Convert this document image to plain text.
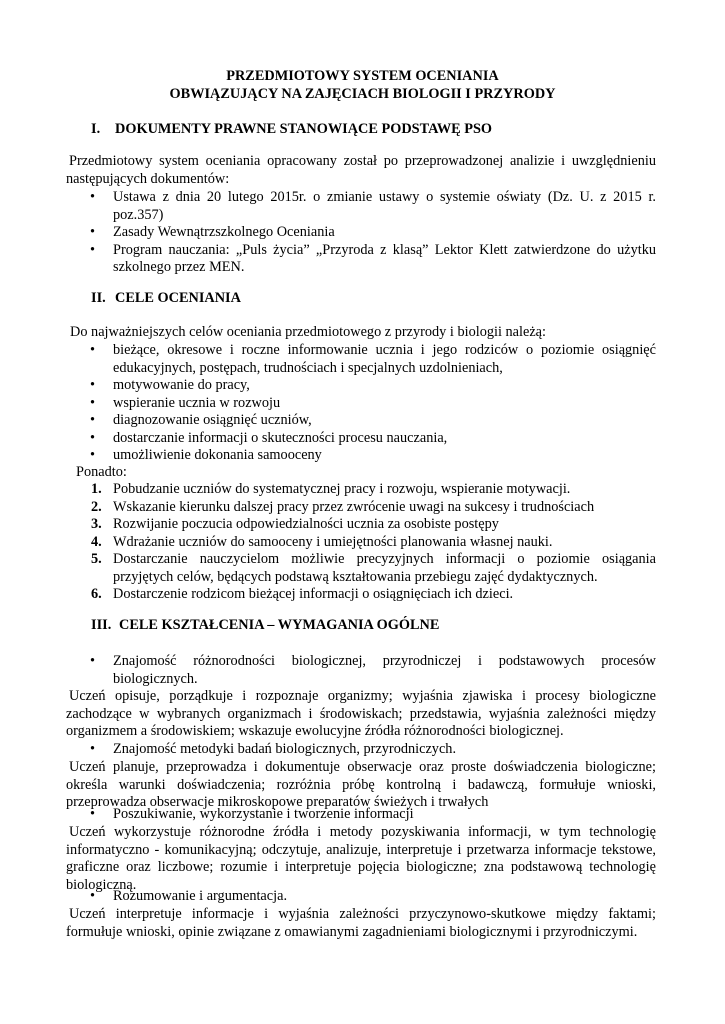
PRZEDMIOTOWY SYSTEM OCENIANIA
OBWIĄZUJĄCY NA ZAJĘCIACH BIOLOGII I PRZYRODY
I. DOKUMENTY PRAWNE STANOWIĄCE PODSTAWĘ PSO
Przedmiotowy system oceniania opracowany został po przeprowadzonej analizie i uwzględnieniu następujących dokumentów:
• Ustawa z dnia 20 lutego 2015r. o zmianie ustawy o systemie oświaty (Dz. U. z 2015 r. poz.357)
• Zasady Wewnątrzszkolnego Oceniania
• Program nauczania: „Puls życia” „Przyroda z klasą” Lektor Klett zatwierdzone do użytku szkolnego przez MEN.
II. CELE OCENIANIA
Do najważniejszych celów oceniania przedmiotowego z przyrody i biologii należą:
• bieżące, okresowe i roczne informowanie ucznia i jego rodziców o poziomie osiągnięć edukacyjnych, postępach, trudnościach i specjalnych uzdolnieniach,
• motywowanie do pracy,
• wspieranie ucznia w rozwoju
• diagnozowanie osiągnięć uczniów,
• dostarczanie informacji o skuteczności procesu nauczania,
• umożliwienie dokonania samooceny
Ponadto:
1. Pobudzanie uczniów do systematycznej pracy i rozwoju, wspieranie motywacji.
2. Wskazanie kierunku dalszej pracy przez zwrócenie uwagi na sukcesy i trudnościach
3. Rozwijanie poczucia odpowiedzialności ucznia za osobiste postępy
4. Wdrażanie uczniów do samooceny i umiejętności planowania własnej nauki.
5. Dostarczanie nauczycielom możliwie precyzyjnych informacji o poziomie osiągania przyjętych celów, będących podstawą kształtowania przebiegu zajęć dydaktycznych.
6. Dostarczenie rodzicom bieżącej informacji o osiągnięciach ich dzieci.
III. CELE KSZTAŁCENIA – WYMAGANIA OGÓLNE
• Znajomość różnorodności biologicznej, przyrodniczej i podstawowych procesów biologicznych.
Uczeń opisuje, porządkuje i rozpoznaje organizmy; wyjaśnia zjawiska i procesy biologiczne zachodzące w wybranych organizmach i środowiskach; przedstawia, wyjaśnia zależności między organizmem a środowiskiem; wskazuje ewolucyjne źródła różnorodności biologicznej.
• Znajomość metodyki badań biologicznych, przyrodniczych.
Uczeń planuje, przeprowadza i dokumentuje obserwacje oraz proste doświadczenia biologiczne; określa warunki doświadczenia; rozróżnia próbę kontrolną i badawczą, formułuje wnioski, przeprowadza obserwacje mikroskopowe preparatów świeżych i trwałych
• Poszukiwanie, wykorzystanie i tworzenie informacji
Uczeń wykorzystuje różnorodne źródła i metody pozyskiwania informacji, w tym technologię informatyczno - komunikacyjną; odczytuje, analizuje, interpretuje i przetwarza informacje tekstowe, graficzne oraz liczbowe; rozumie i interpretuje pojęcia biologiczne; zna podstawową technologię biologiczną.
• Rozumowanie i argumentacja.
Uczeń interpretuje informacje i wyjaśnia zależności przyczynowo-skutkowe między faktami; formułuje wnioski, opinie związane z omawianymi zagadnieniami biologicznymi i przyrodniczymi.
